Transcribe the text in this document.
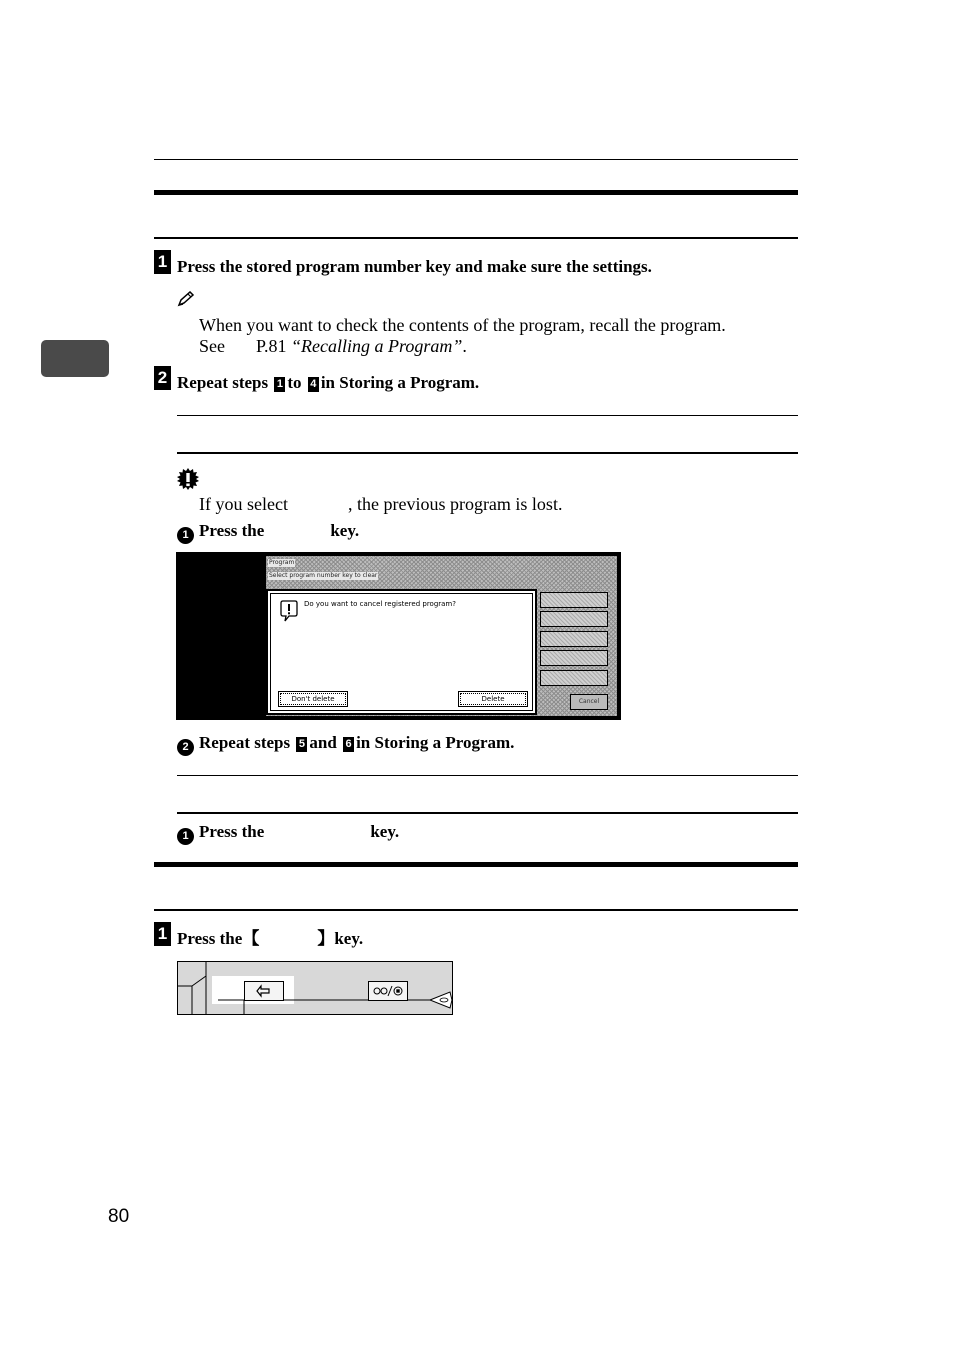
1 Press the stored program number key and make sure the settings.
When you want to check the contents of the program, recall the program.
See P.81 “Recalling a Program”.
2 Repeat steps 1 to 4 in Storing a Program.
If you select	, the previous program is lost.
1 Press the	key.
Program
Select program number key to clear
Cancel
Do you want to cancel registered program?
Don't delete	Delete
2 Repeat steps 5 and 6 in Storing a Program.
1 Press the	key.
1 Press the【	】key.
80
